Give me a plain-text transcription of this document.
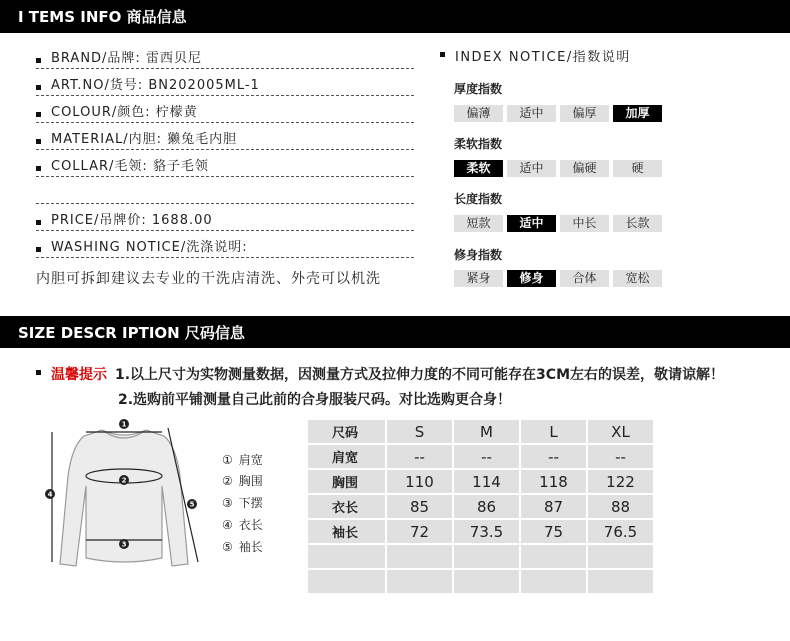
I TEMS INFO 商品信息
BRAND/品牌: 雷西贝尼
ART.NO/货号: BN202005ML-1
COLOUR/颜色: 柠檬黄
MATERIAL/内胆: 獭兔毛内胆
COLLAR/毛领: 貉子毛领
PRICE/吊牌价: 1688.00
WASHING NOTICE/洗涤说明:
内胆可拆卸建议去专业的干洗店清洗、外壳可以机洗
INDEX NOTICE/指数说明
厚度指数
偏薄	适中	偏厚	加厚
柔软指数
柔软	适中	偏硬	硬
长度指数
短款	适中	中长	长款
修身指数
紧身	修身	合体	宽松
SIZE DESCR IPTION 尺码信息
温馨提示 1.以上尺寸为实物测量数据，因测量方式及拉伸力度的不同可能存在3CM左右的误差，敬请谅解！
2.选购前平铺测量自己此前的合身服装尺码。对比选购更合身！
1
2
3
4
5
① 肩宽
② 胸围
③ 下摆
④ 衣长
⑤ 袖长
尺码	S	M	L	XL
肩宽	--	--	--	--
胸围	110	114	118	122
衣长	85	86	87	88
袖长	72	73.5	75	76.5
